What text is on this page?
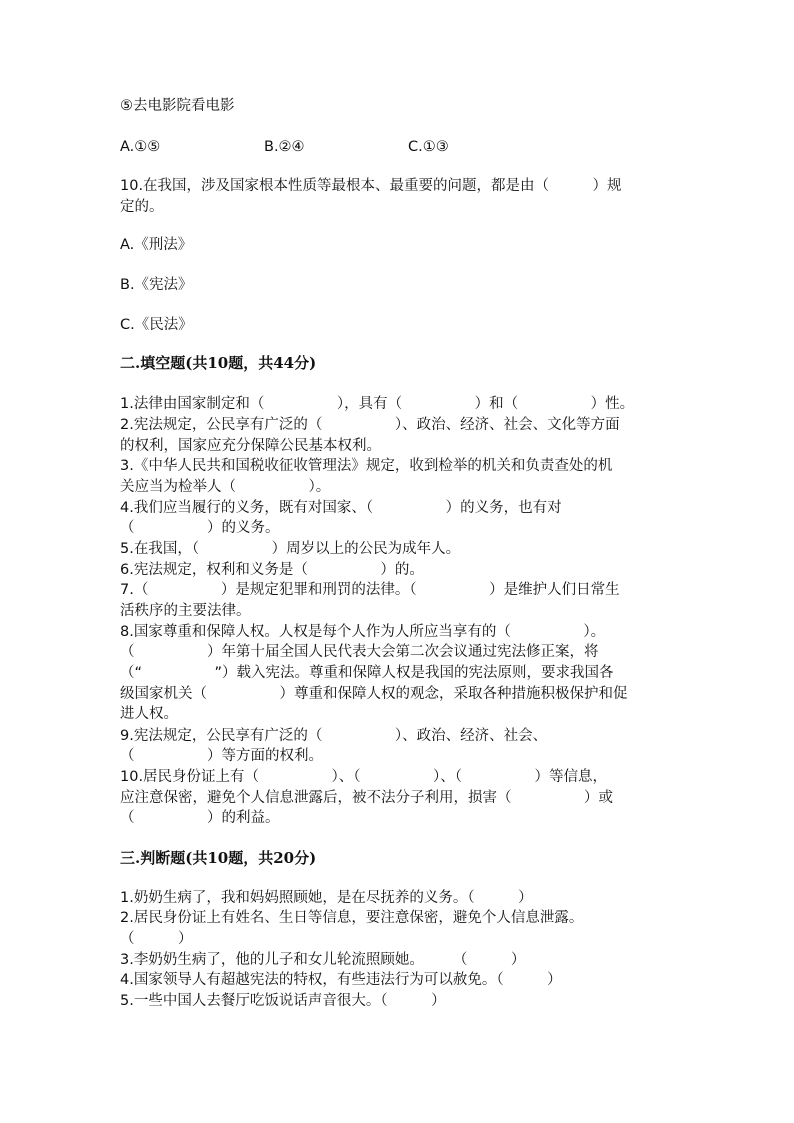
⑤去电影院看电影

A.①⑤	B.②④	C.①③

10.在我国，涉及国家根本性质等最根本、最重要的问题，都是由（　　　）规

定的。

A.《刑法》

B.《宪法》

C.《民法》

二.填空题(共10题，共44分)

1.法律由国家制定和（　　　　　），具有（　　　　　）和（　　　　　）性。

2.宪法规定，公民享有广泛的（　　　　　）、政治、经济、社会、文化等方面

的权利，国家应充分保障公民基本权利。

3.《中华人民共和国税收征收管理法》规定，收到检举的机关和负责查处的机

关应当为检举人（　　　　　）。

4.我们应当履行的义务，既有对国家、（　　　　　）的义务，也有对

（　　　　　）的义务。

5.在我国，（　　　　　）周岁以上的公民为成年人。

6.宪法规定，权利和义务是（　　　　　）的。

7.（　　　　　）是规定犯罪和刑罚的法律。（　　　　　）是维护人们日常生

活秩序的主要法律。

8.国家尊重和保障人权。人权是每个人作为人所应当享有的（　　　　　）。

（　　　　　）年第十届全国人民代表大会第二次会议通过宪法修正案，将

（“　　　　　”）载入宪法。尊重和保障人权是我国的宪法原则，要求我国各

级国家机关（　　　　　）尊重和保障人权的观念，采取各种措施积极保护和促

进人权。

9.宪法规定，公民享有广泛的（　　　　　）、政治、经济、社会、

（　　　　　）等方面的权利。

10.居民身份证上有（　　　　　）、（　　　　　）、（　　　　　）等信息，

应注意保密，避免个人信息泄露后，被不法分子利用，损害（　　　　　）或

（　　　　　）的利益。

三.判断题(共10题，共20分)

1.奶奶生病了，我和妈妈照顾她，是在尽抚养的义务。（　　　）

2.居民身份证上有姓名、生日等信息，要注意保密，避免个人信息泄露。

（　　　）

3.李奶奶生病了，他的儿子和女儿轮流照顾她。　　　（　　　）

4.国家领导人有超越宪法的特权，有些违法行为可以赦免。（　　　）

5.一些中国人去餐厅吃饭说话声音很大。（　　　）
